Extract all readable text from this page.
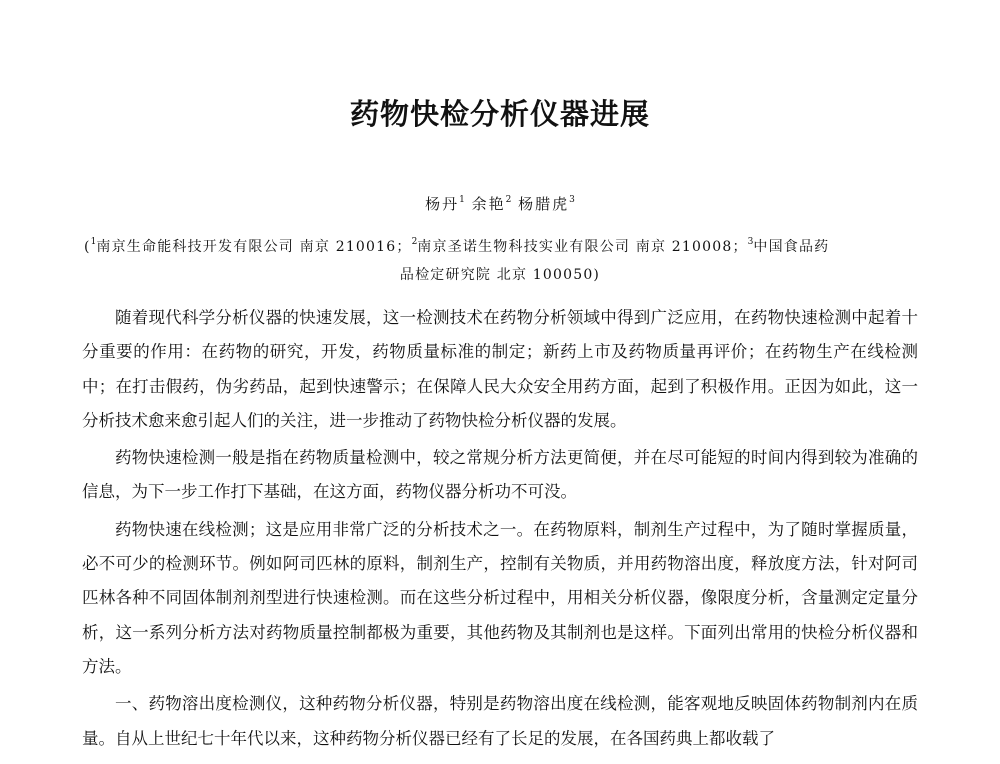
药物快检分析仪器进展
杨丹$^1$ 余艳$^2$ 杨腊虎$^3$
($^1$南京生命能科技开发有限公司 南京 210016；$^2$南京圣诺生物科技实业有限公司 南京 210008；$^3$中国食品药
品检定研究院 北京 100050)

随着现代科学分析仪器的快速发展，这一检测技术在药物分析领域中得到广泛应用，在药物快速检测中起着十分重要的作用：在药物的研究，开发，药物质量标准的制定；新药上市及药物质量再评价；在药物生产在线检测中；在打击假药，伪劣药品，起到快速警示；在保障人民大众安全用药方面，起到了积极作用。正因为如此，这一分析技术愈来愈引起人们的关注，进一步推动了药物快检分析仪器的发展。

药物快速检测一般是指在药物质量检测中，较之常规分析方法更简便，并在尽可能短的时间内得到较为准确的信息，为下一步工作打下基础，在这方面，药物仪器分析功不可没。

药物快速在线检测；这是应用非常广泛的分析技术之一。在药物原料，制剂生产过程中，为了随时掌握质量，必不可少的检测环节。例如阿司匹林的原料，制剂生产，控制有关物质，并用药物溶出度，释放度方法，针对阿司匹林各种不同固体制剂剂型进行快速检测。而在这些分析过程中，用相关分析仪器，像限度分析，含量测定定量分析，这一系列分析方法对药物质量控制都极为重要，其他药物及其制剂也是这样。下面列出常用的快检分析仪器和方法。

一、药物溶出度检测仪，这种药物分析仪器，特别是药物溶出度在线检测，能客观地反映固体药物制剂内在质量。自从上世纪七十年代以来，这种药物分析仪器已经有了长足的发展，在各国药典上都收载了
